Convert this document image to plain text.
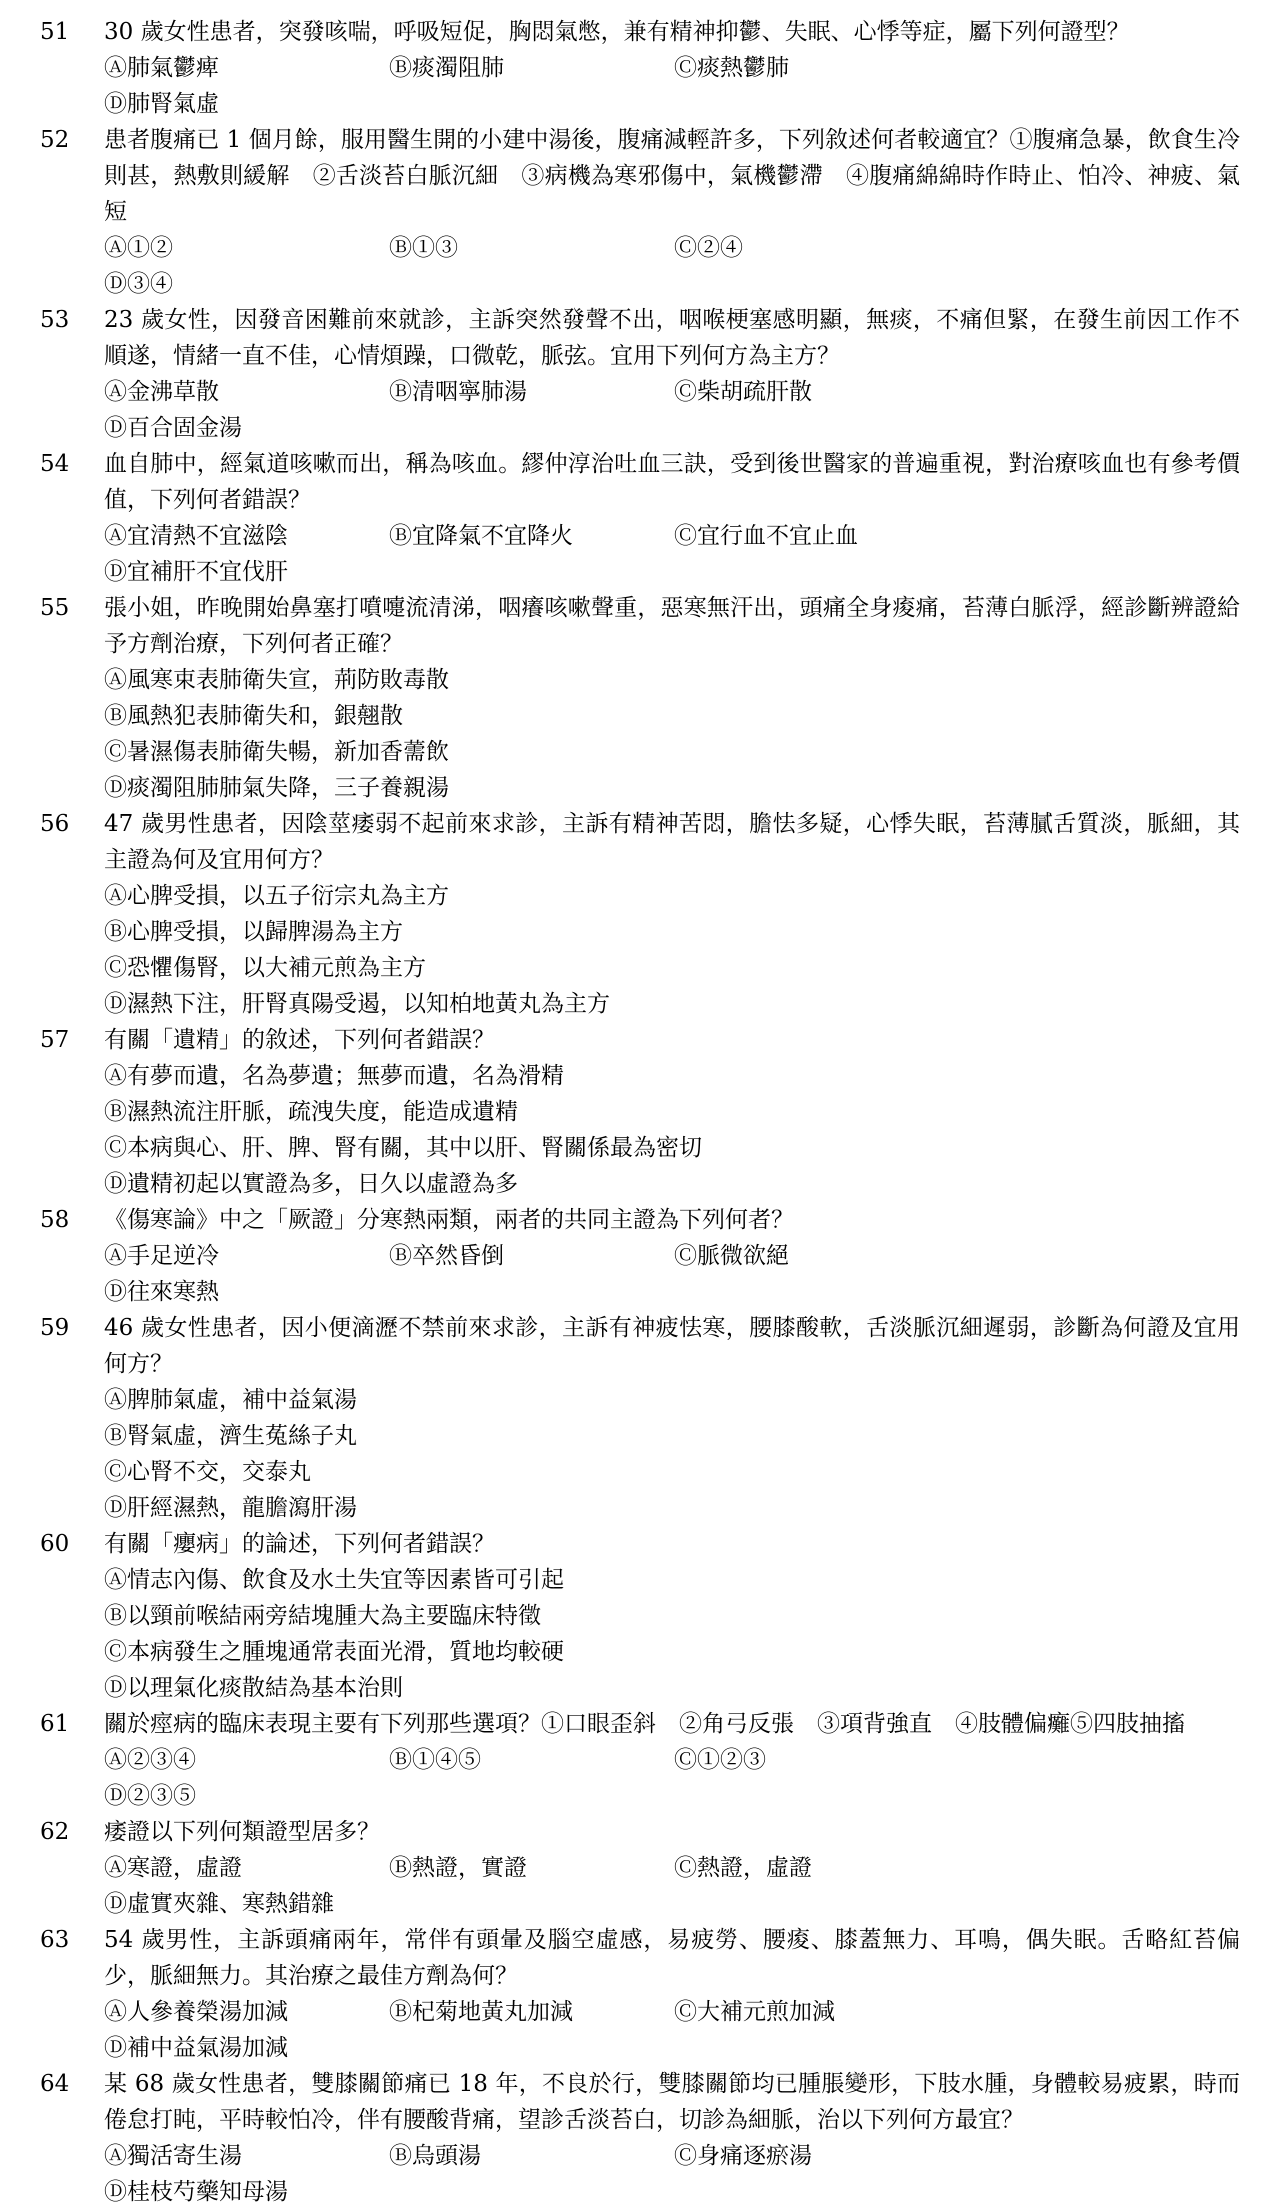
51	30 歲女性患者，突發咳喘，呼吸短促，胸悶氣憋，兼有精神抑鬱、失眠、心悸等症，屬下列何證型？
Ⓐ肺氣鬱痺	Ⓑ痰濁阻肺	Ⓒ痰熱鬱肺
Ⓓ肺腎氣虛
52	患者腹痛已 1 個月餘，服用醫生開的小建中湯後，腹痛減輕許多，下列敘述何者較適宜？①腹痛急暴，飲食生冷則甚，熱敷則緩解　②舌淡苔白脈沉細　③病機為寒邪傷中，氣機鬱滯　④腹痛綿綿時作時止、怕冷、神疲、氣短
Ⓐ①②	Ⓑ①③	Ⓒ②④
Ⓓ③④
53	23 歲女性，因發音困難前來就診，主訴突然發聲不出，咽喉梗塞感明顯，無痰，不痛但緊，在發生前因工作不順遂，情緒一直不佳，心情煩躁，口微乾，脈弦。宜用下列何方為主方？
Ⓐ金沸草散	Ⓑ清咽寧肺湯	Ⓒ柴胡疏肝散
Ⓓ百合固金湯
54	血自肺中，經氣道咳嗽而出，稱為咳血。繆仲淳治吐血三訣，受到後世醫家的普遍重視，對治療咳血也有參考價值，下列何者錯誤？
Ⓐ宜清熱不宜滋陰	Ⓑ宜降氣不宜降火	Ⓒ宜行血不宜止血
Ⓓ宜補肝不宜伐肝
55	張小姐，昨晚開始鼻塞打噴嚏流清涕，咽癢咳嗽聲重，惡寒無汗出，頭痛全身痠痛，苔薄白脈浮，經診斷辨證給予方劑治療，下列何者正確？
Ⓐ風寒束表肺衛失宣，荊防敗毒散
Ⓑ風熱犯表肺衛失和，銀翹散
Ⓒ暑濕傷表肺衛失暢，新加香薷飲
Ⓓ痰濁阻肺肺氣失降，三子養親湯
56	47 歲男性患者，因陰莖痿弱不起前來求診，主訴有精神苦悶，膽怯多疑，心悸失眠，苔薄膩舌質淡，脈細，其主證為何及宜用何方？
Ⓐ心脾受損，以五子衍宗丸為主方
Ⓑ心脾受損，以歸脾湯為主方
Ⓒ恐懼傷腎，以大補元煎為主方
Ⓓ濕熱下注，肝腎真陽受遏，以知柏地黃丸為主方
57	有關「遺精」的敘述，下列何者錯誤？
Ⓐ有夢而遺，名為夢遺；無夢而遺，名為滑精
Ⓑ濕熱流注肝脈，疏洩失度，能造成遺精
Ⓒ本病與心、肝、脾、腎有關，其中以肝、腎關係最為密切
Ⓓ遺精初起以實證為多，日久以虛證為多
58	《傷寒論》中之「厥證」分寒熱兩類，兩者的共同主證為下列何者？
Ⓐ手足逆冷	Ⓑ卒然昏倒	Ⓒ脈微欲絕
Ⓓ往來寒熱
59	46 歲女性患者，因小便滴瀝不禁前來求診，主訴有神疲怯寒，腰膝酸軟，舌淡脈沉細遲弱，診斷為何證及宜用何方？
Ⓐ脾肺氣虛，補中益氣湯
Ⓑ腎氣虛，濟生菟絲子丸
Ⓒ心腎不交，交泰丸
Ⓓ肝經濕熱，龍膽瀉肝湯
60	有關「癭病」的論述，下列何者錯誤？
Ⓐ情志內傷、飲食及水土失宜等因素皆可引起
Ⓑ以頸前喉結兩旁結塊腫大為主要臨床特徵
Ⓒ本病發生之腫塊通常表面光滑，質地均較硬
Ⓓ以理氣化痰散結為基本治則
61	關於痙病的臨床表現主要有下列那些選項？①口眼歪斜　②角弓反張　③項背強直　④肢體偏癱⑤四肢抽搐
Ⓐ②③④	Ⓑ①④⑤	Ⓒ①②③
Ⓓ②③⑤
62	痿證以下列何類證型居多？
Ⓐ寒證，虛證	Ⓑ熱證，實證	Ⓒ熱證，虛證
Ⓓ虛實夾雜、寒熱錯雜
63	54 歲男性，主訴頭痛兩年，常伴有頭暈及腦空虛感，易疲勞、腰痠、膝蓋無力、耳鳴，偶失眠。舌略紅苔偏少，脈細無力。其治療之最佳方劑為何？
Ⓐ人參養榮湯加減	Ⓑ杞菊地黃丸加減	Ⓒ大補元煎加減
Ⓓ補中益氣湯加減
64	某 68 歲女性患者，雙膝關節痛已 18 年，不良於行，雙膝關節均已腫脹變形，下肢水腫，身體較易疲累，時而倦怠打盹，平時較怕冷，伴有腰酸背痛，望診舌淡苔白，切診為細脈，治以下列何方最宜？
Ⓐ獨活寄生湯	Ⓑ烏頭湯	Ⓒ身痛逐瘀湯
Ⓓ桂枝芍藥知母湯
